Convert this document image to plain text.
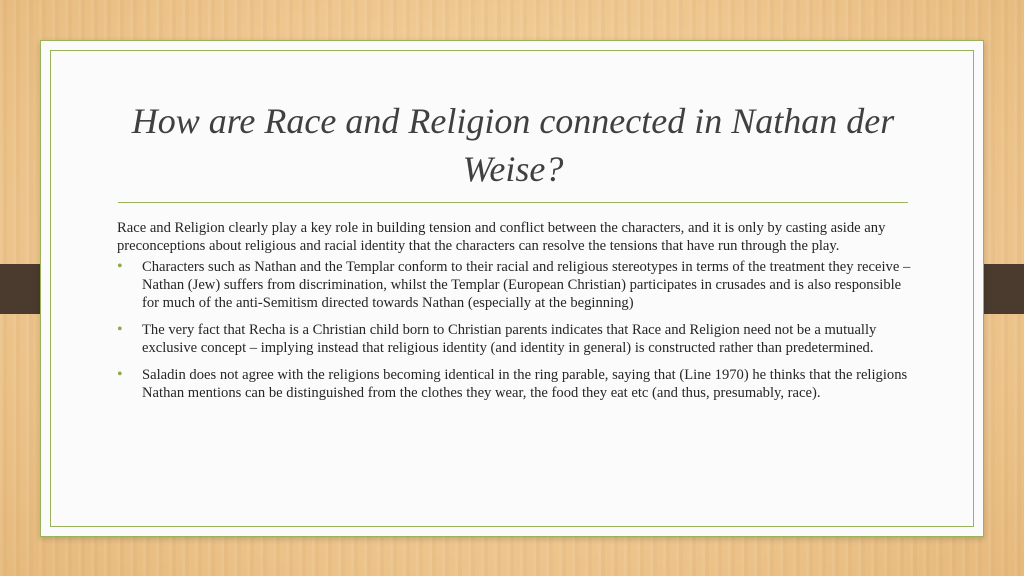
How are Race and Religion connected in Nathan der Weise?

Race and Religion clearly play a key role in building tension and conflict between the characters, and it is only by casting aside any preconceptions about religious and racial identity that the characters can resolve the tensions that have run through the play.

• Characters such as Nathan and the Templar conform to their racial and religious stereotypes in terms of the treatment they receive – Nathan (Jew) suffers from discrimination, whilst the Templar (European Christian) participates in crusades and is also responsible for much of the anti-Semitism directed towards Nathan (especially at the beginning)
• The very fact that Recha is a Christian child born to Christian parents indicates that Race and Religion need not be a mutually exclusive concept – implying instead that religious identity (and identity in general) is constructed rather than predetermined.
• Saladin does not agree with the religions becoming identical in the ring parable, saying that (Line 1970) he thinks that the religions Nathan mentions can be distinguished from the clothes they wear, the food they eat etc (and thus, presumably, race).
